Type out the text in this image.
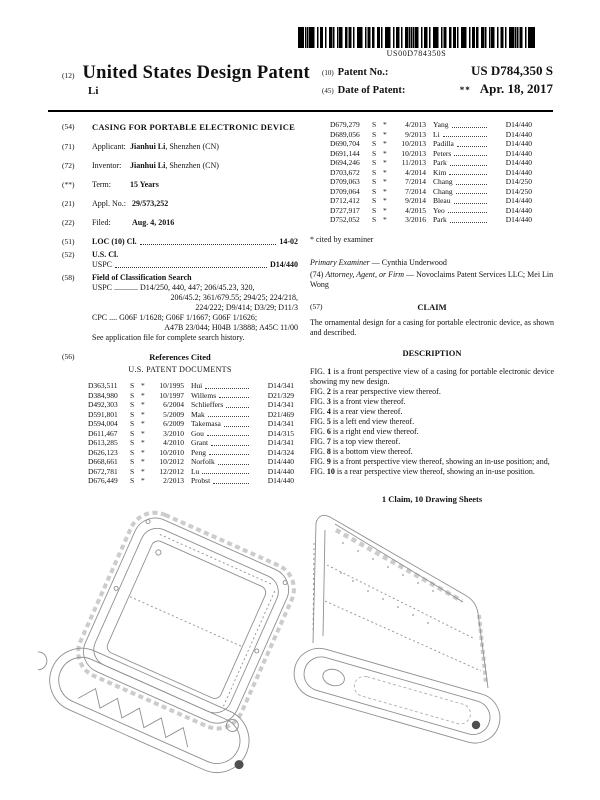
US00D784350S
(12) United States Design Patent
Li
(10) Patent No.:	US D784,350 S
(45) Date of Patent:	** Apr. 18, 2017
(54)	CASING FOR PORTABLE ELECTRONIC DEVICE
(71)	Applicant: Jianhui Li, Shenzhen (CN)
(72)	Inventor: Jianhui Li, Shenzhen (CN)
(**)	Term: 15 Years
(21)	Appl. No.: 29/573,252
(22)	Filed:	Aug. 4, 2016
(51)	LOC (10) Cl.	14-02
(52)	U.S. Cl.
USPC	D14/440
(58)	Field of Classification Search
USPC ............ D14/250, 440, 447; 206/45.23, 320,
206/45.2; 361/679.55; 294/25; 224/218,
224/222; D9/414; D3/29; D11/3
CPC .... G06F 1/1628; G06F 1/1667; G06F 1/1626;
A47B 23/044; H04B 1/3888; A45C 11/00
See application file for complete search history.
(56)	References Cited
U.S. PATENT DOCUMENTS
D363,511	S *	10/1995 Hui	D14/341
D384,980	S *	10/1997 Willems	D21/329
D492,303	S *	6/2004 Schlieffers	D14/341
D591,801	S *	5/2009 Mak	D21/469
D594,004	S *	6/2009 Takemasa	D14/341
D611,467	S *	3/2010 Gou	D14/315
D613,285	S *	4/2010 Grant	D14/341
D626,123	S *	10/2010 Peng	D14/324
D668,661	S *	10/2012 Norfolk	D14/440
D672,781	S *	12/2012 Lu	D14/440
D676,449	S *	2/2013 Probst	D14/440
D679,279	S *	4/2013 Yang	D14/440
D689,056	S *	9/2013 Li	D14/440
D690,704	S *	10/2013 Padilla	D14/440
D691,144	S *	10/2013 Peters	D14/440
D694,246	S *	11/2013 Park	D14/440
D703,672	S *	4/2014 Kim	D14/440
D709,063	S *	7/2014 Chang	D14/250
D709,064	S *	7/2014 Chang	D14/250
D712,412	S *	9/2014 Bleau	D14/440
D727,917	S *	4/2015 Yeo	D14/440
D752,052	S *	3/2016 Park	D14/440
* cited by examiner
Primary Examiner — Cynthia Underwood
(74) Attorney, Agent, or Firm — Novoclaims Patent Services LLC; Mei Lin Wong
(57)	CLAIM

The ornamental design for a casing for portable electronic device, as shown and described.

DESCRIPTION

FIG. 1 is a front perspective view of a casing for portable electronic device showing my new design.

FIG. 2 is a rear perspective view thereof.

FIG. 3 is a front view thereof.

FIG. 4 is a rear view thereof.

FIG. 5 is a left end view thereof.

FIG. 6 is a right end view thereof.

FIG. 7 is a top view thereof.

FIG. 8 is a bottom view thereof.

FIG. 9 is a front perspective view thereof, showing an in-use position; and,

FIG. 10 is a rear perspective view thereof, showing an in-use position.

1 Claim, 10 Drawing Sheets
